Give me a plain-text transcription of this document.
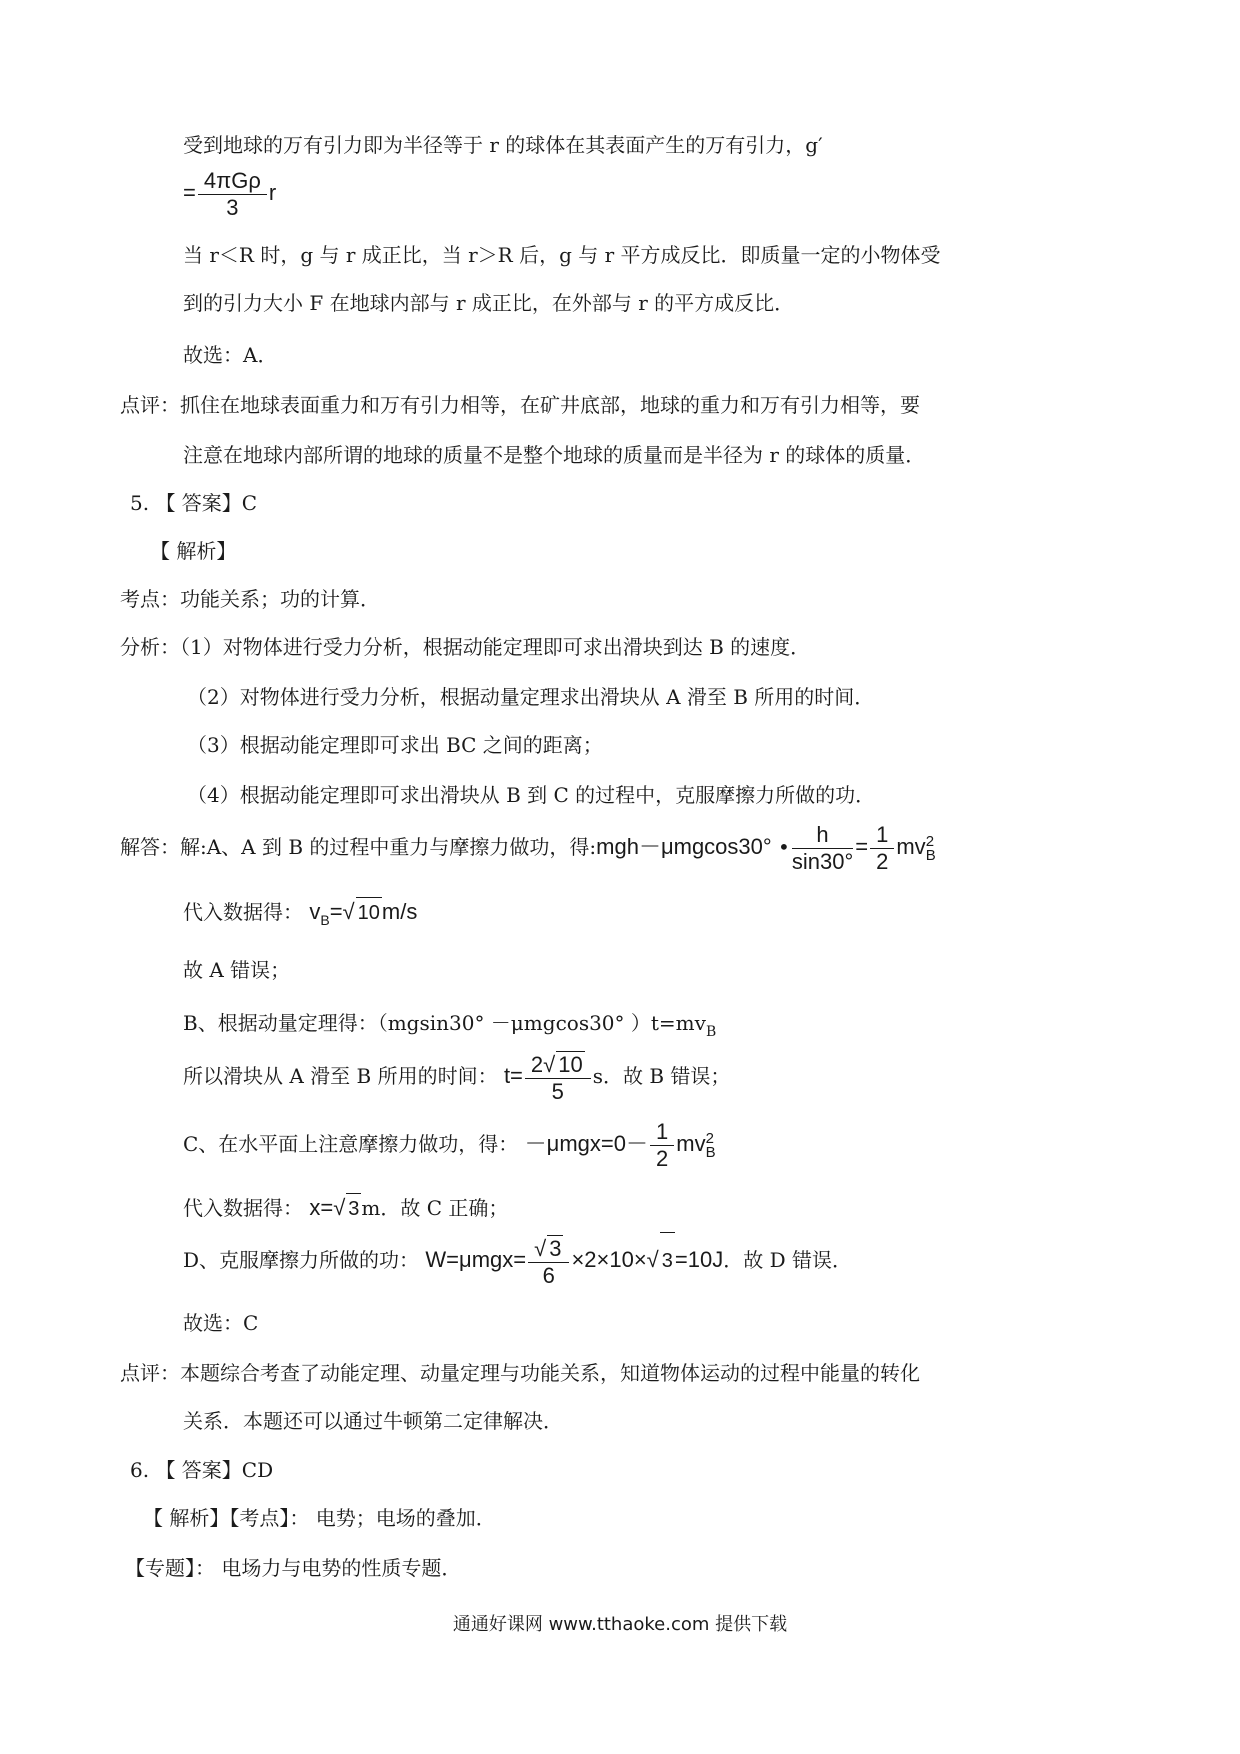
受到地球的万有引力即为半径等于 r 的球体在其表面产生的万有引力，g′
= $\frac{\text{4πGρ}}{3}$ r
当 r＜R 时，g 与 r 成正比，当 r＞R 后，g 与 r 平方成反比．即质量一定的小物体受
到的引力大小 F 在地球内部与 r 成正比，在外部与 r 的平方成反比．
故选：A．
点评：抓住在地球表面重力和万有引力相等，在矿井底部，地球的重力和万有引力相等，要
注意在地球内部所谓的地球的质量不是整个地球的质量而是半径为 r 的球体的质量．
5. 【 答案】C
【 解析】
考点：功能关系；功的计算．
分析：（1）对物体进行受力分析，根据动能定理即可求出滑块到达 B 的速度．
（2）对物体进行受力分析，根据动量定理求出滑块从 A 滑至 B 所用的时间．
（3）根据动能定理即可求出 BC 之间的距离；
（4）根据动能定理即可求出滑块从 B 到 C 的过程中，克服摩擦力所做的功．
解答：解:A、A 到 B 的过程中重力与摩擦力做功，得:mgh－μmgcos30° • $\frac{h}{\sin 30^\circ} = \frac{1}{2}$ mv 2
B
代入数据得： $v_B=√$ 10m/s
故 A 错误；
B、根据动量定理得：（mgsin30° －μmgcos30° ）$t=mv_B$
所以滑块从 A 滑至 B 所用的时间： $t= \frac{2√ 10}{5}$ s．故 B 错误；
C、在水平面上注意摩擦力做功，得： $-\mu mgx=0- \frac{1}{2}$ mv 2
B
代入数据得： x=√ 3 m．故 C 正确；
D、克服摩擦力所做的功： $W=\mu mgx= \frac{√ 3}{6} \times 2\times 10\times√$ 3=10J．故 D 错误．
故选：C
点评：本题综合考查了动能定理、动量定理与功能关系，知道物体运动的过程中能量的转化
关系．本题还可以通过牛顿第二定律解决．
6. 【 答案】CD
【 解析】【考点】： 电势；电场的叠加．
【专题】： 电场力与电势的性质专题．
通通好课网 www.tthaoke.com 提供下载
